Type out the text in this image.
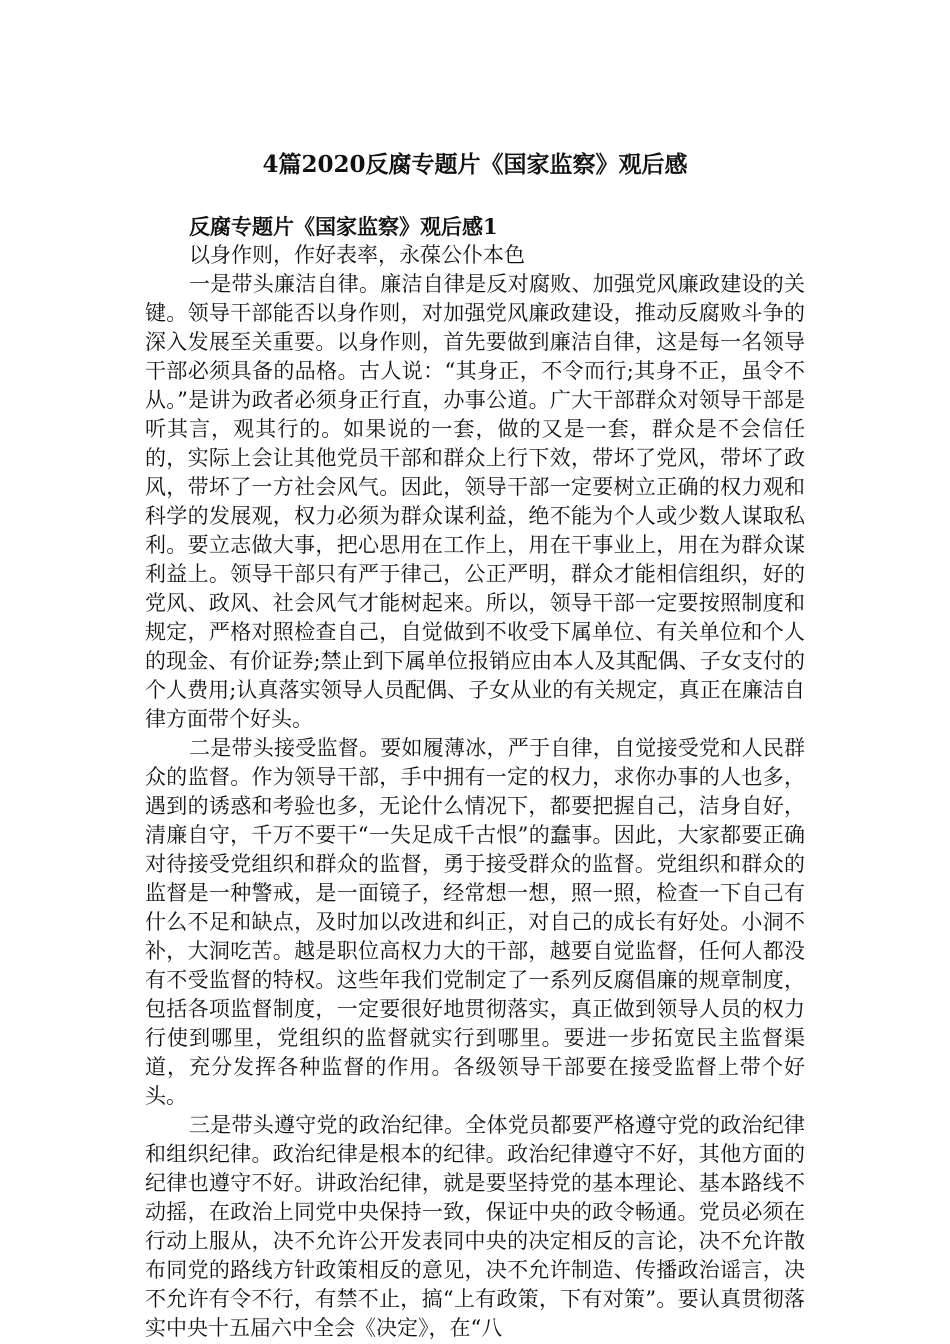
4篇2020反腐专题片《国家监察》观后感
反腐专题片《国家监察》观后感1
以身作则，作好表率，永葆公仆本色

一是带头廉洁自律。廉洁自律是反对腐败、加强党风廉政建设的关键。领导干部能否以身作则，对加强党风廉政建设，推动反腐败斗争的深入发展至关重要。以身作则，首先要做到廉洁自律，这是每一名领导干部必须具备的品格。古人说：“其身正，不令而行;其身不正，虽令不从。”是讲为政者必须身正行直，办事公道。广大干部群众对领导干部是听其言，观其行的。如果说的一套，做的又是一套，群众是不会信任的，实际上会让其他党员干部和群众上行下效，带坏了党风，带坏了政风，带坏了一方社会风气。因此，领导干部一定要树立正确的权力观和科学的发展观，权力必须为群众谋利益，绝不能为个人或少数人谋取私利。要立志做大事，把心思用在工作上，用在干事业上，用在为群众谋利益上。领导干部只有严于律己，公正严明，群众才能相信组织，好的党风、政风、社会风气才能树起来。所以，领导干部一定要按照制度和规定，严格对照检查自己，自觉做到不收受下属单位、有关单位和个人的现金、有价证券;禁止到下属单位报销应由本人及其配偶、子女支付的个人费用;认真落实领导人员配偶、子女从业的有关规定，真正在廉洁自律方面带个好头。

二是带头接受监督。要如履薄冰，严于自律，自觉接受党和人民群众的监督。作为领导干部，手中拥有一定的权力，求你办事的人也多，遇到的诱惑和考验也多，无论什么情况下，都要把握自己，洁身自好，清廉自守，千万不要干“一失足成千古恨”的蠢事。因此，大家都要正确对待接受党组织和群众的监督，勇于接受群众的监督。党组织和群众的监督是一种警戒，是一面镜子，经常想一想，照一照，检查一下自己有什么不足和缺点，及时加以改进和纠正，对自己的成长有好处。小洞不补，大洞吃苦。越是职位高权力大的干部，越要自觉监督，任何人都没有不受监督的特权。这些年我们党制定了一系列反腐倡廉的规章制度，包括各项监督制度，一定要很好地贯彻落实，真正做到领导人员的权力行使到哪里，党组织的监督就实行到哪里。要进一步拓宽民主监督渠道，充分发挥各种监督的作用。各级领导干部要在接受监督上带个好头。

三是带头遵守党的政治纪律。全体党员都要严格遵守党的政治纪律和组织纪律。政治纪律是根本的纪律。政治纪律遵守不好，其他方面的纪律也遵守不好。讲政治纪律，就是要坚持党的基本理论、基本路线不动摇，在政治上同党中央保持一致，保证中央的政令畅通。党员必须在行动上服从，决不允许公开发表同中央的决定相反的言论，决不允许散布同党的路线方针政策相反的意见，决不允许制造、传播政治谣言，决不允许有令不行，有禁不止，搞“上有政策，下有对策”。要认真贯彻落实中央十五届六中全会《决定》，在“八
